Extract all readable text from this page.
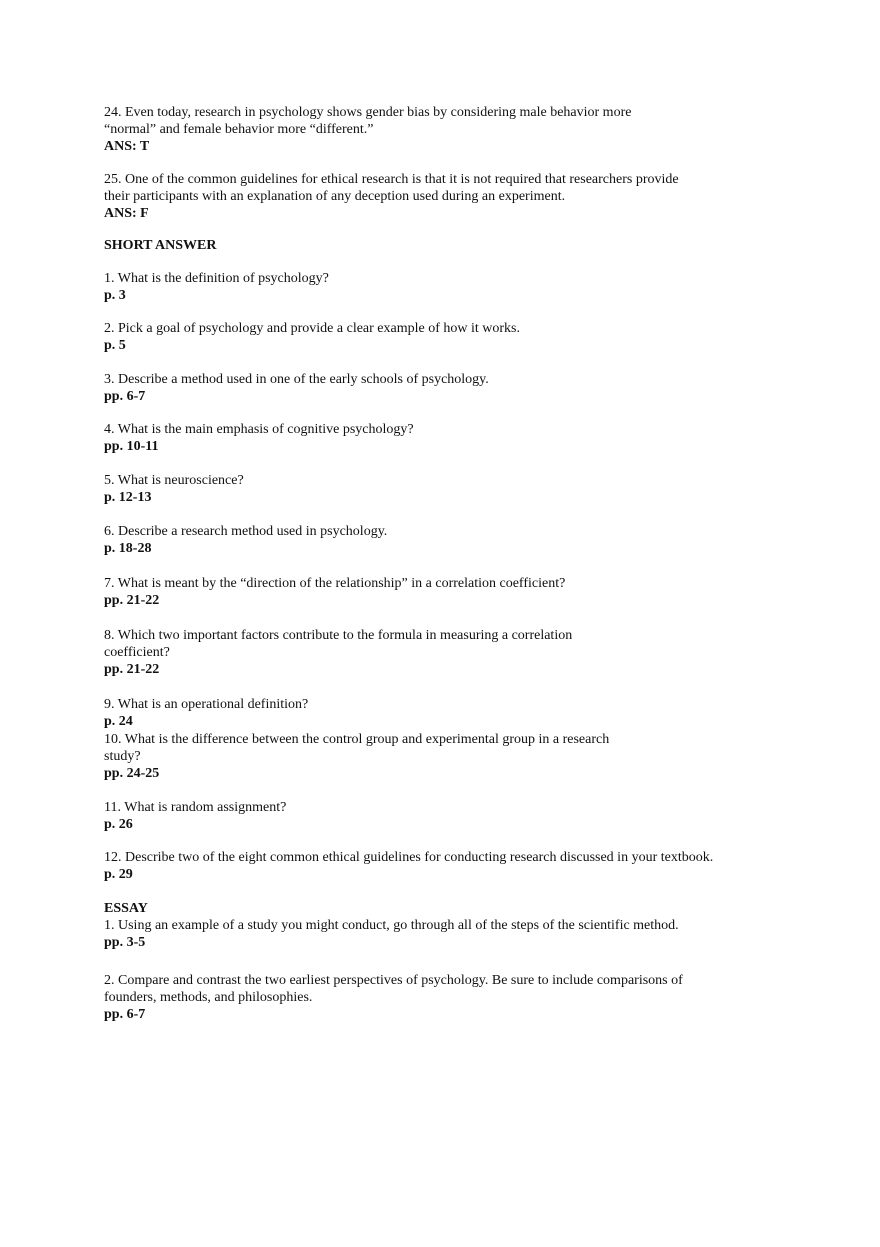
24. Even today, research in psychology shows gender bias by considering male behavior more
“normal” and female behavior more “different.”
ANS: T
25. One of the common guidelines for ethical research is that it is not required that researchers provide
their participants with an explanation of any deception used during an experiment.
ANS: F
SHORT ANSWER
1. What is the definition of psychology?
p. 3
2. Pick a goal of psychology and provide a clear example of how it works.
p. 5
3. Describe a method used in one of the early schools of psychology.
pp. 6-7
4. What is the main emphasis of cognitive psychology?
pp. 10-11
5. What is neuroscience?
p. 12-13
6. Describe a research method used in psychology.
p. 18-28
7. What is meant by the “direction of the relationship” in a correlation coefficient?
pp. 21-22
8. Which two important factors contribute to the formula in measuring a correlation
coefficient?
pp. 21-22
9. What is an operational definition?
p. 24
10. What is the difference between the control group and experimental group in a research
study?
pp. 24-25
11. What is random assignment?
p. 26
12. Describe two of the eight common ethical guidelines for conducting research discussed in your textbook.
p. 29
ESSAY
1. Using an example of a study you might conduct, go through all of the steps of the scientific method.
pp. 3-5
2. Compare and contrast the two earliest perspectives of psychology. Be sure to include comparisons of
founders, methods, and philosophies.
pp. 6-7
